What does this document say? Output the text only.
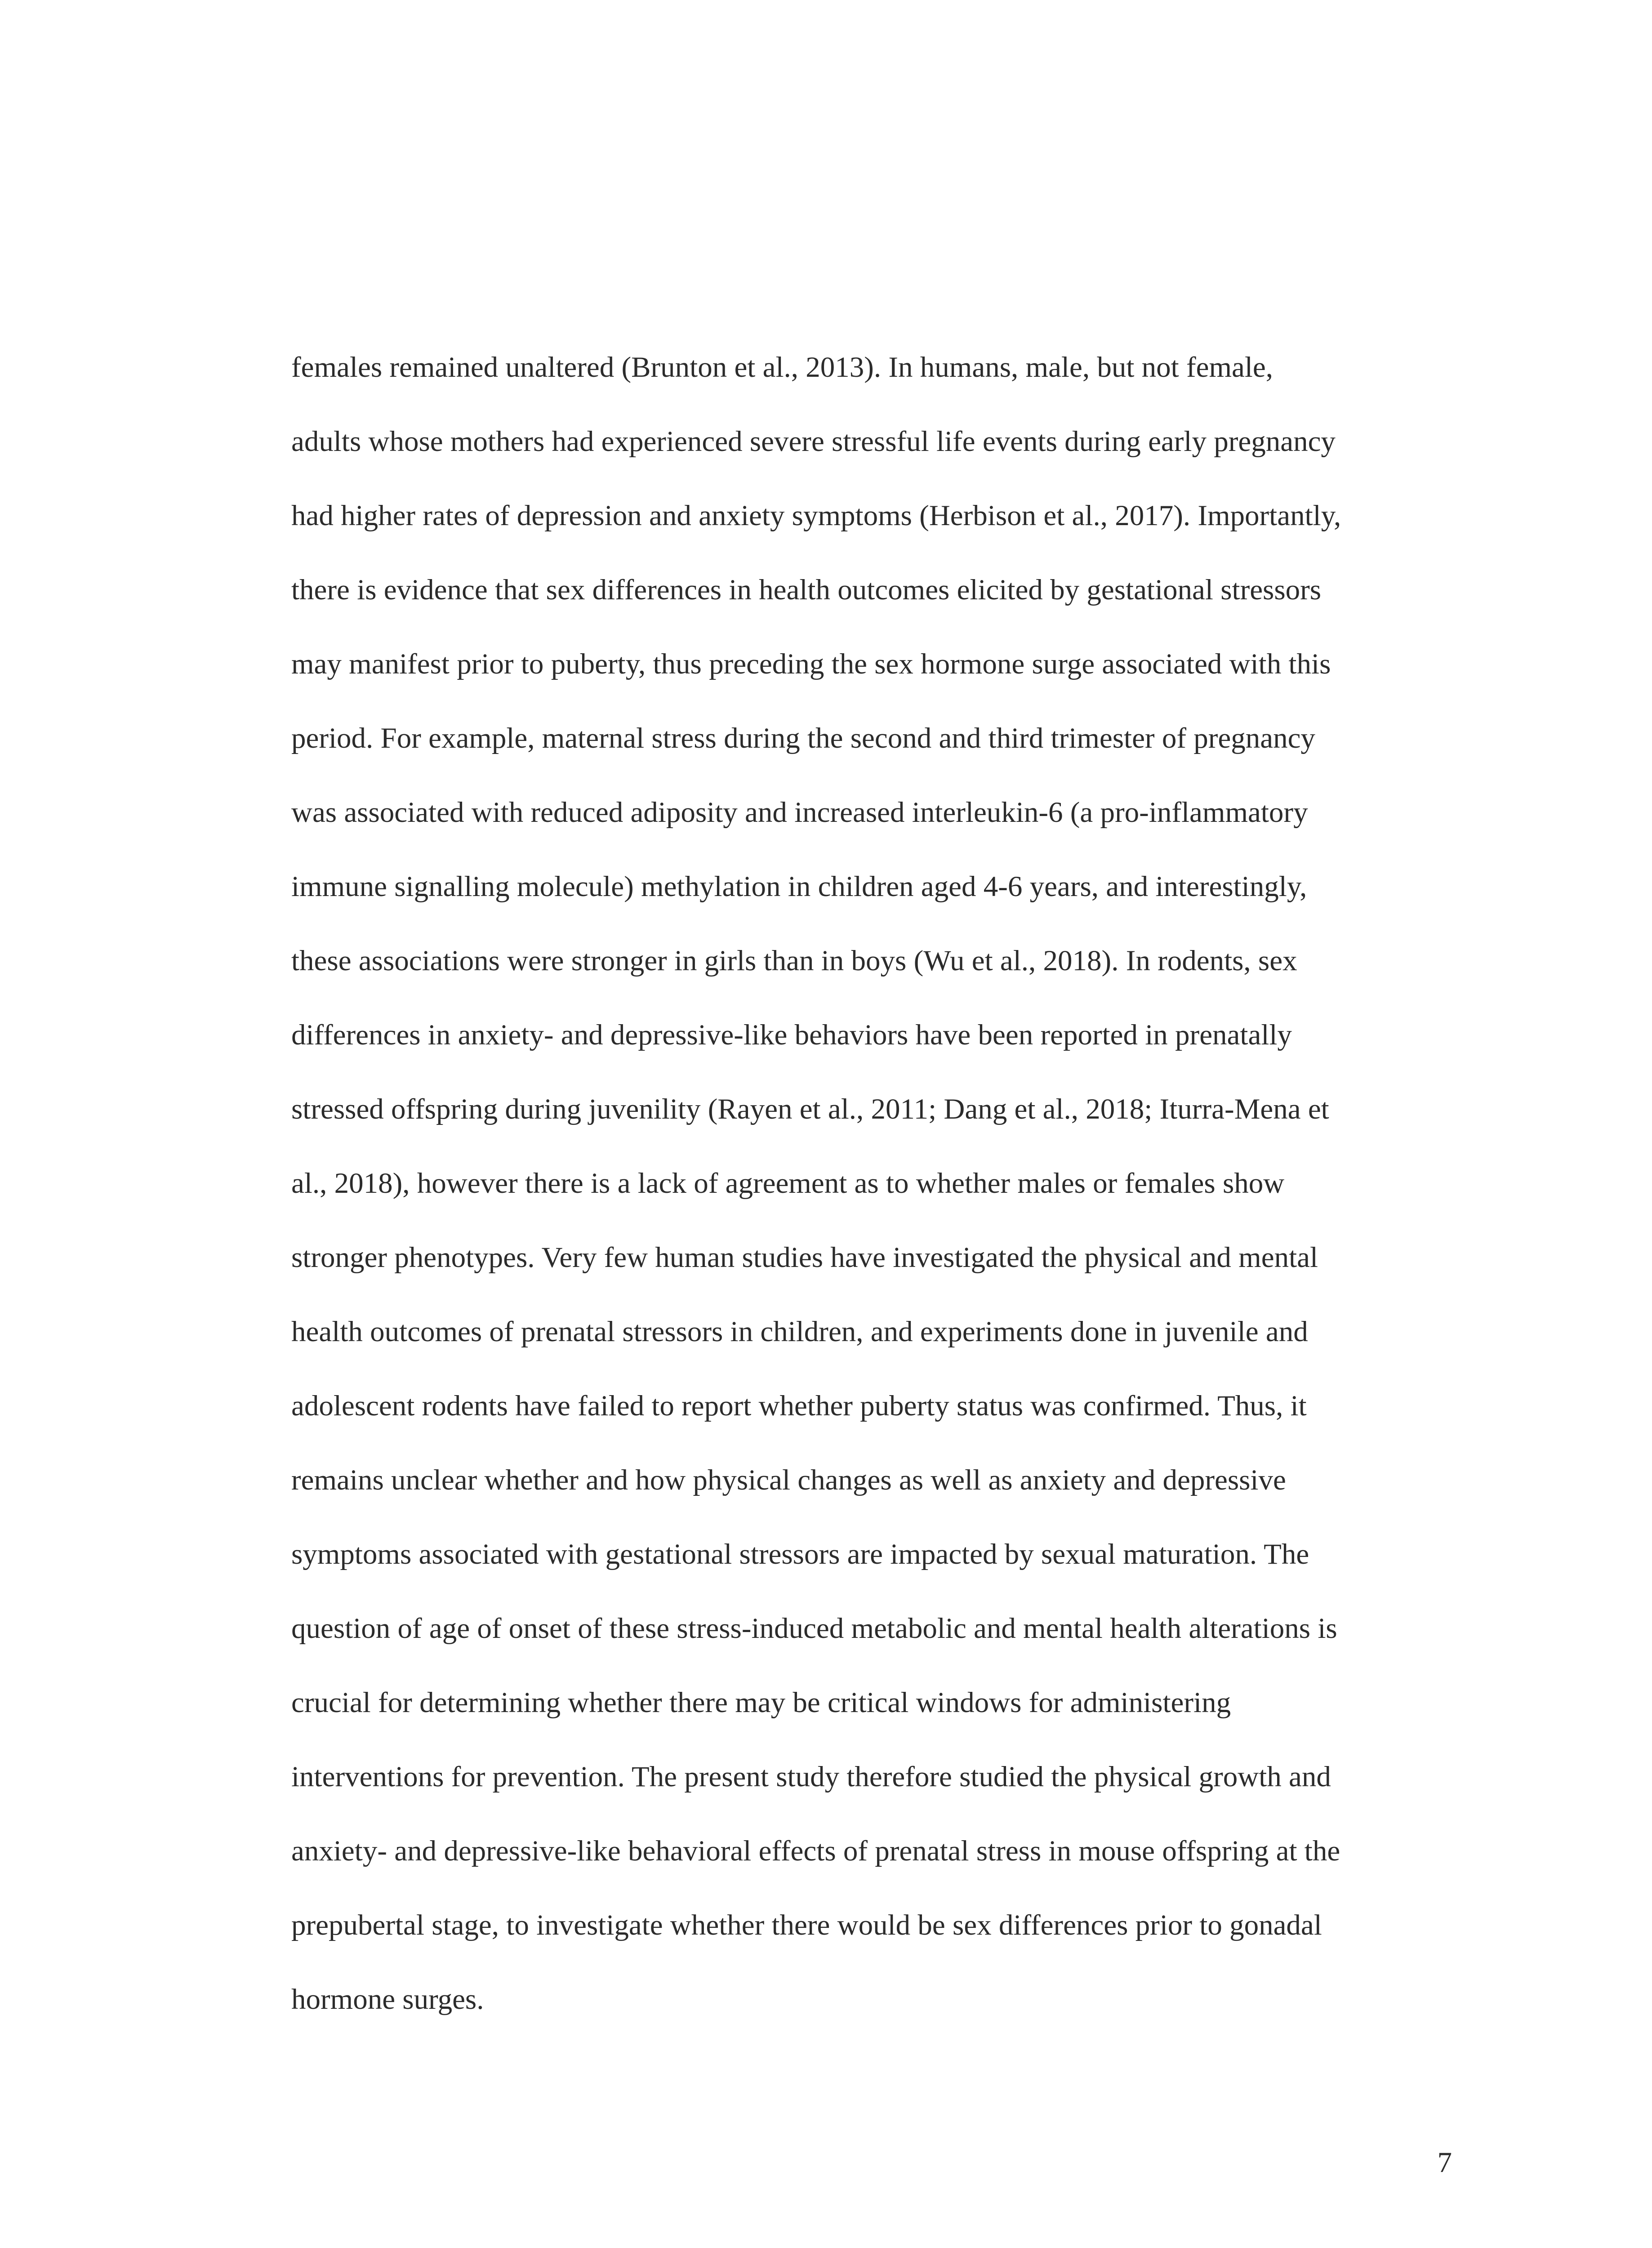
females remained unaltered (Brunton et al., 2013). In humans, male, but not female,
adults whose mothers had experienced severe stressful life events during early pregnancy
had higher rates of depression and anxiety symptoms (Herbison et al., 2017). Importantly,
there is evidence that sex differences in health outcomes elicited by gestational stressors
may manifest prior to puberty, thus preceding the sex hormone surge associated with this
period. For example, maternal stress during the second and third trimester of pregnancy
was associated with reduced adiposity and increased interleukin-6 (a pro-inflammatory
immune signalling molecule) methylation in children aged 4-6 years, and interestingly,
these associations were stronger in girls than in boys (Wu et al., 2018). In rodents, sex
differences in anxiety- and depressive-like behaviors have been reported in prenatally
stressed offspring during juvenility (Rayen et al., 2011; Dang et al., 2018; Iturra-Mena et
al., 2018), however there is a lack of agreement as to whether males or females show
stronger phenotypes. Very few human studies have investigated the physical and mental
health outcomes of prenatal stressors in children, and experiments done in juvenile and
adolescent rodents have failed to report whether puberty status was confirmed. Thus, it
remains unclear whether and how physical changes as well as anxiety and depressive
symptoms associated with gestational stressors are impacted by sexual maturation. The
question of age of onset of these stress-induced metabolic and mental health alterations is
crucial for determining whether there may be critical windows for administering
interventions for prevention. The present study therefore studied the physical growth and
anxiety- and depressive-like behavioral effects of prenatal stress in mouse offspring at the
prepubertal stage, to investigate whether there would be sex differences prior to gonadal
hormone surges.
7
